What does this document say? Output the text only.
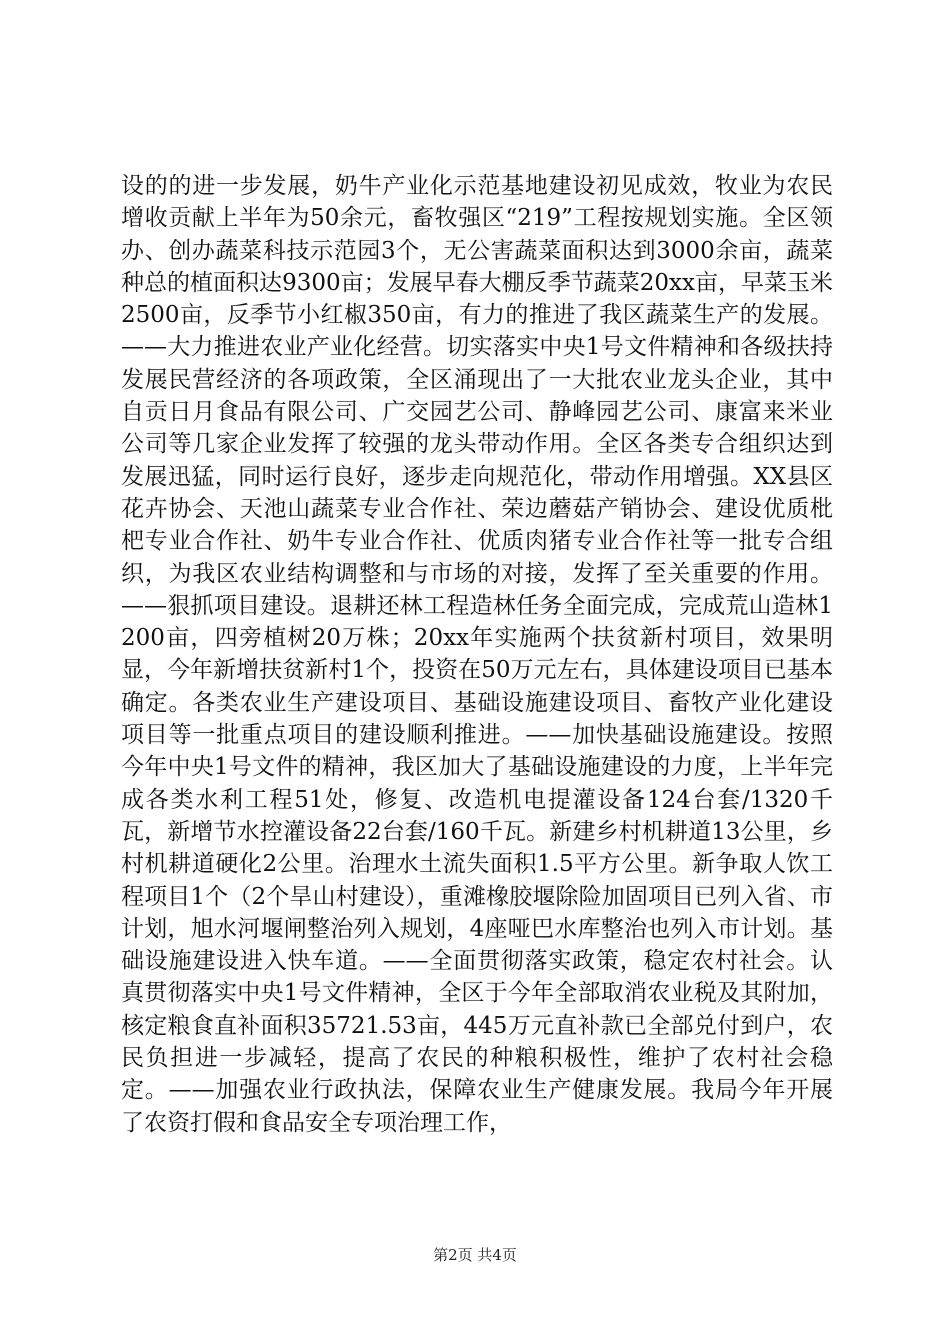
设的的进一步发展，奶牛产业化示范基地建设初见成效，牧业为农民增收贡献上半年为50余元，畜牧强区“219”工程按规划实施。全区领办、创办蔬菜科技示范园3个，无公害蔬菜面积达到3000余亩，蔬菜种总的植面积达9300亩；发展早春大棚反季节蔬菜20xx亩，早菜玉米2500亩，反季节小红椒350亩，有力的推进了我区蔬菜生产的发展。——大力推进农业产业化经营。切实落实中央1号文件精神和各级扶持发展民营经济的各项政策，全区涌现出了一大批农业龙头企业，其中自贡日月食品有限公司、广交园艺公司、静峰园艺公司、康富来米业公司等几家企业发挥了较强的龙头带动作用。全区各类专合组织达到发展迅猛，同时运行良好，逐步走向规范化，带动作用增强。XX县区花卉协会、天池山蔬菜专业合作社、荣边蘑菇产销协会、建设优质枇杷专业合作社、奶牛专业合作社、优质肉猪专业合作社等一批专合组织，为我区农业结构调整和与市场的对接，发挥了至关重要的作用。——狠抓项目建设。退耕还林工程造林任务全面完成，完成荒山造林1200亩，四旁植树20万株；20xx年实施两个扶贫新村项目，效果明显，今年新增扶贫新村1个，投资在50万元左右，具体建设项目已基本确定。各类农业生产建设项目、基础设施建设项目、畜牧产业化建设项目等一批重点项目的建设顺利推进。——加快基础设施建设。按照今年中央1号文件的精神，我区加大了基础设施建设的力度，上半年完成各类水利工程51处，修复、改造机电提灌设备124台套/1320千瓦，新增节水控灌设备22台套/160千瓦。新建乡村机耕道13公里，乡村机耕道硬化2公里。治理水土流失面积1.5平方公里。新争取人饮工程项目1个（2个旱山村建设），重滩橡胶堰除险加固项目已列入省、市计划，旭水河堰闸整治列入规划，4座哑巴水库整治也列入市计划。基础设施建设进入快车道。——全面贯彻落实政策，稳定农村社会。认真贯彻落实中央1号文件精神，全区于今年全部取消农业税及其附加，核定粮食直补面积35721.53亩，445万元直补款已全部兑付到户，农民负担进一步减轻，提高了农民的种粮积极性，维护了农村社会稳定。——加强农业行政执法，保障农业生产健康发展。我局今年开展了农资打假和食品安全专项治理工作，

第2页 共4页
